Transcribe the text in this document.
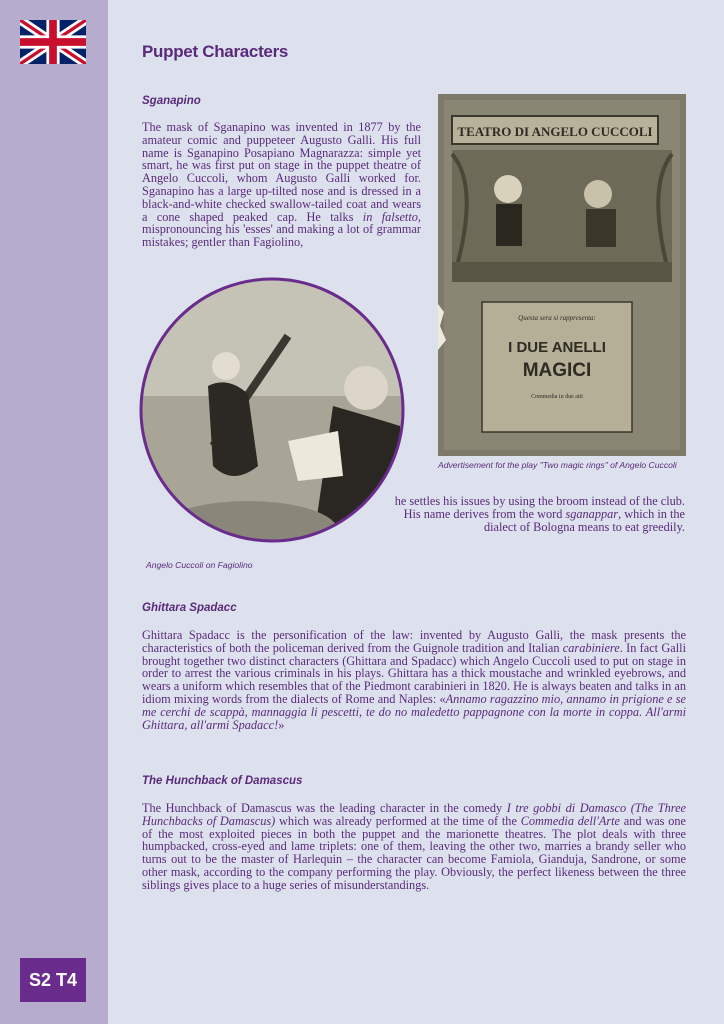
S2 T4
Puppet Characters
Sganapino
The mask of Sganapino was invented in 1877 by the amateur comic and puppeteer Augusto Galli. His full name is Sganapino Posapiano Magnarazza: simple yet smart, he was first put on stage in the puppet theatre of Angelo Cuccoli, whom Augusto Galli worked for. Sganapino has a large up-tilted nose and is dressed in a black-and-white checked swallow-tailed coat and wears a cone shaped peaked cap. He talks in falsetto, mispronouncing his 'esses' and making a lot of grammar mistakes; gentler than Fagiolino,
he settles his issues by using the broom instead of the club. His name derives from the word sganappar, which in the dialect of Bologna means to eat greedily.
TEATRO DI ANGELO CUCCOLI
Questa sera si rappresenta:
I DUE ANELLI
MAGICI
Commedia in due atti
Advertisement fot the play "Two magic rings" of Angelo Cuccoli
Angelo Cuccoli on Fagiolino
Ghittara Spadacc
Ghittara Spadacc is the personification of the law: invented by Augusto Galli, the mask presents the characteristics of both the policeman derived from the Guignole tradition and Italian carabiniere. In fact Galli brought together two distinct characters (Ghittara and Spadacc) which Angelo Cuccoli used to put on stage in order to arrest the various criminals in his plays. Ghittara has a thick moustache and wrinkled eyebrows, and wears a uniform which resembles that of the Piedmont carabinieri in 1820. He is always beaten and talks in an idiom mixing words from the dialects of Rome and Naples: «Annamo ragazzino mio, annamo in prigione e se me cerchi de scappà, mannaggia li pescetti, te do no maledetto pappagnone con la morte in coppa. All'armi Ghittara, all'armi Spadacc!»
The Hunchback of Damascus
The Hunchback of Damascus was the leading character in the comedy I tre gobbi di Damasco (The Three Hunchbacks of Damascus) which was already performed at the time of the Commedia dell'Arte and was one of the most exploited pieces in both the puppet and the marionette theatres. The plot deals with three humpbacked, cross-eyed and lame triplets: one of them, leaving the other two, marries a brandy seller who turns out to be the master of Harlequin – the character can become Famiola, Gianduja, Sandrone, or some other mask, according to the company performing the play. Obviously, the perfect likeness between the three siblings gives place to a huge series of misunderstandings.
